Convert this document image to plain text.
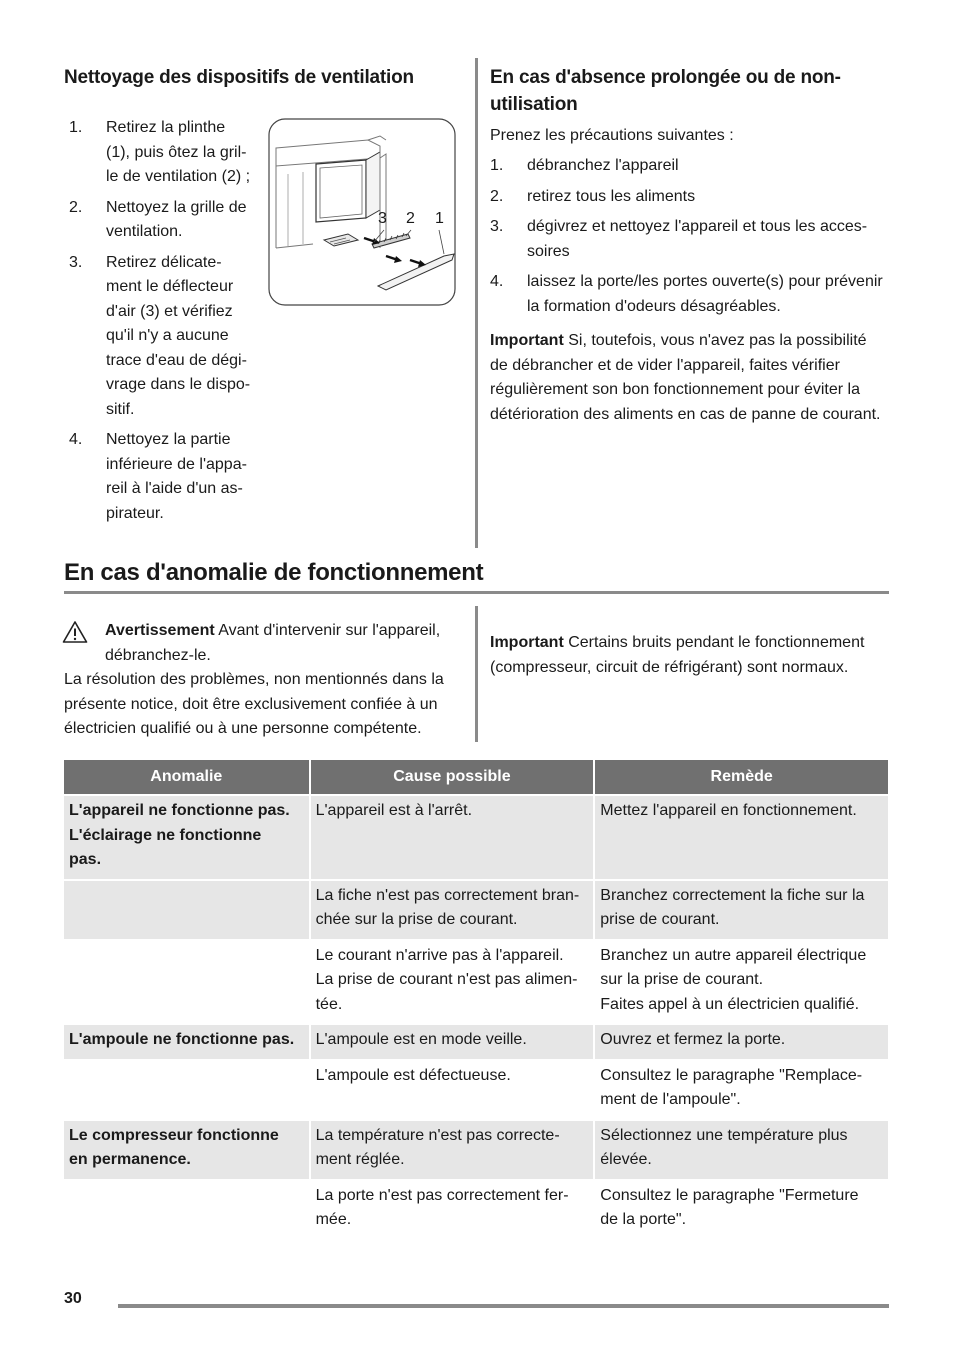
Nettoyage des dispositifs de ventilation
1. Retirez la plinthe
(1), puis ôtez la gril-
le de ventilation (2) ;
2. Nettoyez la grille de
ventilation.
3. Retirez délicate-
ment le déflecteur
d'air (3) et vérifiez
qu'il n'y a aucune
trace d'eau de dégi-
vrage dans le dispo-
sitif.
4. Nettoyez la partie
inférieure de l'appa-
reil à l'aide d'un as-
pirateur.
3 2 1
En cas d'absence prolongée ou de non-
utilisation
Prenez les précautions suivantes :
1. débranchez l'appareil
2. retirez tous les aliments
3. dégivrez et nettoyez l'appareil et tous les acces-
soires
4. laissez la porte/les portes ouverte(s) pour prévenir
la formation d'odeurs désagréables.
Important Si, toutefois, vous n'avez pas la possibilité
de débrancher et de vider l'appareil, faites vérifier
régulièrement son bon fonctionnement pour éviter la
détérioration des aliments en cas de panne de courant.
En cas d'anomalie de fonctionnement
Avertissement Avant d'intervenir sur l'appareil,
débranchez-le.
La résolution des problèmes, non mentionnés dans la
présente notice, doit être exclusivement confiée à un
électricien qualifié ou à une personne compétente.
Important Certains bruits pendant le fonctionnement
(compresseur, circuit de réfrigérant) sont normaux.
Anomalie	Cause possible	Remède

L'appareil ne fonctionne pas.
L'éclairage ne fonctionne
pas.	L'appareil est à l'arrêt.	Mettez l'appareil en fonctionnement.

	La fiche n'est pas correctement bran-
chée sur la prise de courant.	Branchez correctement la fiche sur la
prise de courant.

	Le courant n'arrive pas à l'appareil.
La prise de courant n'est pas alimen-
tée.	Branchez un autre appareil électrique
sur la prise de courant.
Faites appel à un électricien qualifié.

L'ampoule ne fonctionne pas.	L'ampoule est en mode veille.	Ouvrez et fermez la porte.

	L'ampoule est défectueuse.	Consultez le paragraphe "Remplace-
ment de l'ampoule".

Le compresseur fonctionne
en permanence.	La température n'est pas correcte-
ment réglée.	Sélectionnez une température plus
élevée.

	La porte n'est pas correctement fer-
mée.	Consultez le paragraphe "Fermeture
de la porte".
30
